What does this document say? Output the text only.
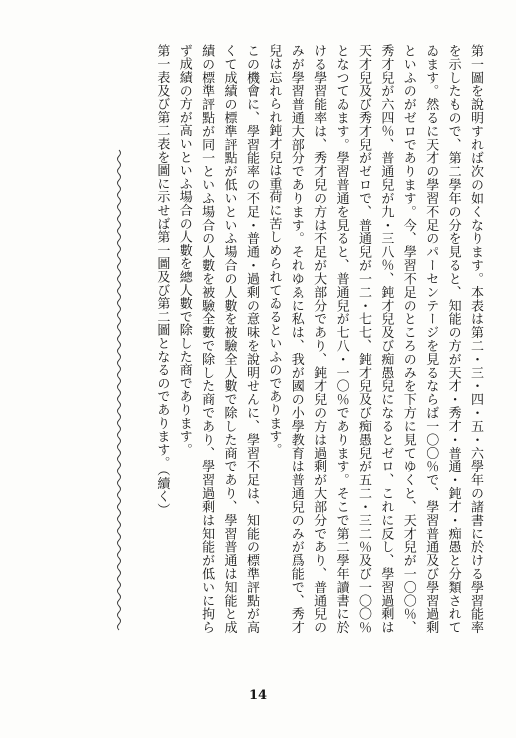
第一圖を說明すれば次の如くなります。本表は第二・三・四・五・六學年の諸書に於ける學習能率を示したもので、第二學年の分を見ると、知能の方が天才・秀才・普通・鈍才・痴愚と分類されてゐます。然るに天才の學習不足のパーセンテージを見るならば一〇〇％で、學習普通及び學習過剩といふのがゼロであります。今、學習不足のところのみを下方に見てゆくと、天才兒が一〇〇％、秀才兒が六四％、普通兒が九・三八％、鈍才兒及び痴愚兒になるとゼロ、これに反し、學習過剩は天才兒及び秀才兒がゼロで、普通兒が一二・七七、鈍才兒及び痴愚兒が五二・三二％及び一〇〇％となつてゐます。學習普通を見ると、普通兒が七八・一〇％であります。そこで第二學年讀書に於ける學習能率は、秀才兒の方は不足が大部分であり、鈍才兒の方は過剩が大部分であり、普通兒のみが學習普通大部分であります。それゆゑに私は、我が國の小學教育は普通兒のみが爲能で、秀才兒は忘れられ鈍才兒は重荷に苦しめられてゐるといふのであります。

この機會に、學習能率の不足・普通・過剩の意味を說明せんに、學習不足は、知能の標準評點が高くて成績の標準評點が低いといふ場合の人數を被驗全人數で除した商であり、學習普通は知能と成績の標準評點が同一といふ場合の人數を被驗全數で除した商であり、學習過剩は知能が低いに拘らず成績の方が高いといふ場合の人數を總人數で除した商であります。

第一表及び第二表を圖に示せば第一圖及び第二圖となるのであります。（續く）

14
